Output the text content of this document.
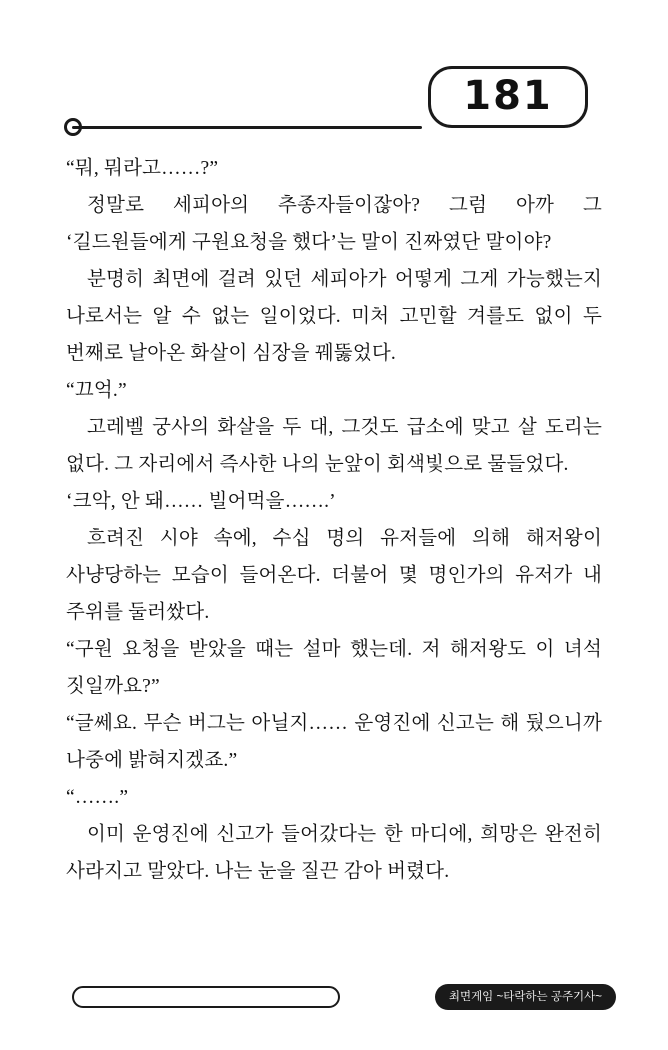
181

“뭐, 뭐라고……?”

정말로 세피아의 추종자들이잖아? 그럼 아까 그 ‘길드원들에게 구원요청을 했다’는 말이 진짜였단 말이야?

분명히 최면에 걸려 있던 세피아가 어떻게 그게 가능했는지 나로서는 알 수 없는 일이었다. 미처 고민할 겨를도 없이 두 번째로 날아온 화살이 심장을 꿰뚫었다.

“끄억.”

고레벨 궁사의 화살을 두 대, 그것도 급소에 맞고 살 도리는 없다. 그 자리에서 즉사한 나의 눈앞이 회색빛으로 물들었다.

‘크악, 안 돼…… 빌어먹을…….’

흐려진 시야 속에, 수십 명의 유저들에 의해 해저왕이 사냥당하는 모습이 들어온다. 더불어 몇 명인가의 유저가 내 주위를 둘러쌌다.

“구원 요청을 받았을 때는 설마 했는데. 저 해저왕도 이 녀석 짓일까요?”

“글쎄요. 무슨 버그는 아닐지…… 운영진에 신고는 해 뒀으니까 나중에 밝혀지겠죠.”

“…….”

이미 운영진에 신고가 들어갔다는 한 마디에, 희망은 완전히 사라지고 말았다. 나는 눈을 질끈 감아 버렸다.

최면게임 ~타락하는 공주기사~
